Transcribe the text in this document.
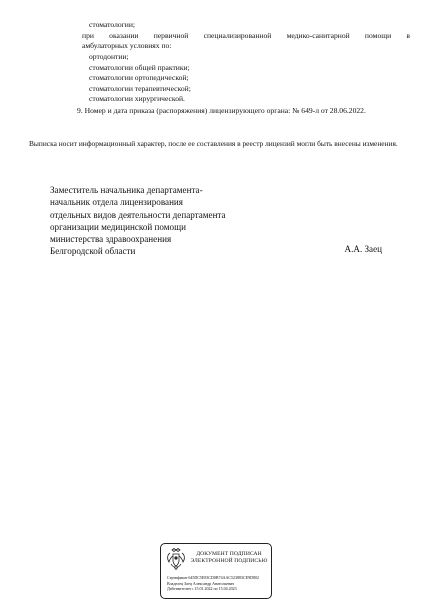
стоматологии;
при оказании первичной специализированной медико-санитарной помощи в
амбулаторных условиях по:
ортодонтии;
стоматологии общей практики;
стоматологии ортопедической;
стоматологии терапевтической;
стоматологии хирургической.
9. Номер и дата приказа (распоряжения) лицензирующего органа: № 649-л от 28.06.2022.
Выписка носит информационный характер, после ее составления в реестр лицензий могли быть внесены изменения.
Заместитель начальника департамента-
начальник отдела лицензирования
отдельных видов деятельности департамента
организации медицинской помощи
министерства здравоохранения
Белгородской области	А.А. Заец
ДОКУМЕНТ ПОДПИСАН
ЭЛЕКТРОННОЙ ПОДПИСЬЮ
Сертификат 645DC5E83CD0B74AAC523883CE9D802
Владелец Заец Александр Анатольевич
Действителен с 15.01.2022 по 15.04.2023
